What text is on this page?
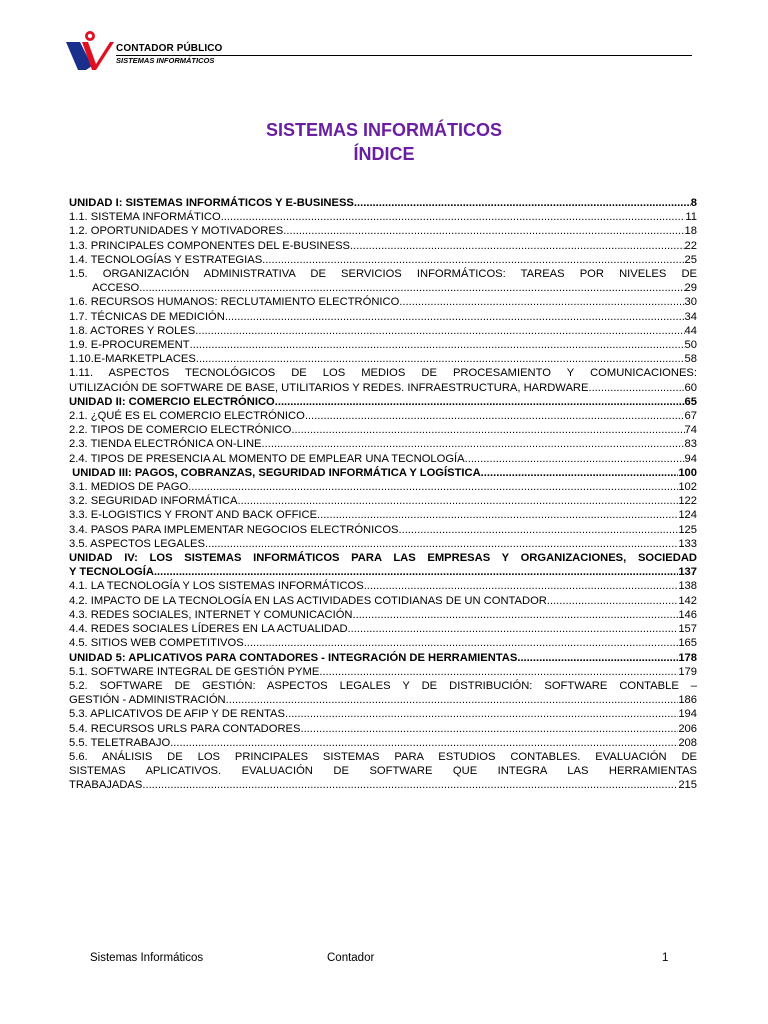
CONTADOR PÚBLICO
SISTEMAS INFORMÁTICOS
SISTEMAS INFORMÁTICOS
ÍNDICE
UNIDAD I: SISTEMAS INFORMÁTICOS Y E-BUSINESS .....	8
1.1. SISTEMA INFORMÁTICO .....	11
1.2. OPORTUNIDADES Y MOTIVADORES .....	18
1.3. PRINCIPALES COMPONENTES DEL E-BUSINESS .....	22
1.4. TECNOLOGÍAS Y ESTRATEGIAS .....	25
1.5. ORGANIZACIÓN ADMINISTRATIVA DE SERVICIOS INFORMÁTICOS: TAREAS POR NIVELES DE
ACCESO .....	29
1.6. RECURSOS HUMANOS: RECLUTAMIENTO ELECTRÓNICO .....	30
1.7. TÉCNICAS DE MEDICIÓN .....	34
1.8. ACTORES Y ROLES .....	44
1.9. E-PROCUREMENT .....	50
1.10.E-MARKETPLACES .....	58
1.11. ASPECTOS TECNOLÓGICOS DE LOS MEDIOS DE PROCESAMIENTO Y COMUNICACIONES:
UTILIZACIÓN DE SOFTWARE DE BASE, UTILITARIOS Y REDES. INFRAESTRUCTURA, HARDWARE. .....	.60
UNIDAD II: COMERCIO ELECTRÓNICO .....	65
2.1. ¿QUÉ ES EL COMERCIO ELECTRÓNICO .....	67
2.2. TIPOS DE COMERCIO ELECTRÓNICO .....	74
2.3. TIENDA ELECTRÓNICA ON-LINE .....	83
2.4. TIPOS DE PRESENCIA AL MOMENTO DE EMPLEAR UNA TECNOLOGÍA .....	94
UNIDAD III: PAGOS, COBRANZAS, SEGURIDAD INFORMÁTICA Y LOGÍSTICA .....	100
3.1. MEDIOS DE PAGO .....	102
3.2. SEGURIDAD INFORMÁTICA .....	122
3.3. E-LOGISTICS Y FRONT AND BACK OFFICE .....	124
3.4. PASOS PARA IMPLEMENTAR NEGOCIOS ELECTRÓNICOS .....	125
3.5. ASPECTOS LEGALES .....	133
UNIDAD IV: LOS SISTEMAS INFORMÁTICOS PARA LAS EMPRESAS Y ORGANIZACIONES, SOCIEDAD
Y TECNOLOGÍA .....	137
4.1. LA TECNOLOGÍA Y LOS SISTEMAS INFORMÁTICOS .....	138
4.2. IMPACTO DE LA TECNOLOGÍA EN LAS ACTIVIDADES COTIDIANAS DE UN CONTADOR .....	142
4.3. REDES SOCIALES, INTERNET Y COMUNICACIÓN .....	146
4.4. REDES SOCIALES LÍDERES EN LA ACTUALIDAD .....	157
4.5. SITIOS WEB COMPETITIVOS .....	165
UNIDAD 5: APLICATIVOS PARA CONTADORES - INTEGRACIÓN DE HERRAMIENTAS .....	178
5.1. SOFTWARE INTEGRAL DE GESTIÓN PYME .....	179
5.2. SOFTWARE DE GESTIÓN: ASPECTOS LEGALES Y DE DISTRIBUCIÓN: SOFTWARE CONTABLE –
GESTIÓN - ADMINISTRACIÓN .....	186
5.3. APLICATIVOS DE AFIP Y DE RENTAS .....	194
5.4. RECURSOS URLS PARA CONTADORES .....	206
5.5. TELETRABAJO .....	208
5.6. ANÁLISIS DE LOS PRINCIPALES SISTEMAS PARA ESTUDIOS CONTABLES. EVALUACIÓN DE
SISTEMAS APLICATIVOS. EVALUACIÓN DE SOFTWARE QUE INTEGRA LAS HERRAMIENTAS
TRABAJADAS .....	215
Sistemas Informáticos	Contador	1
